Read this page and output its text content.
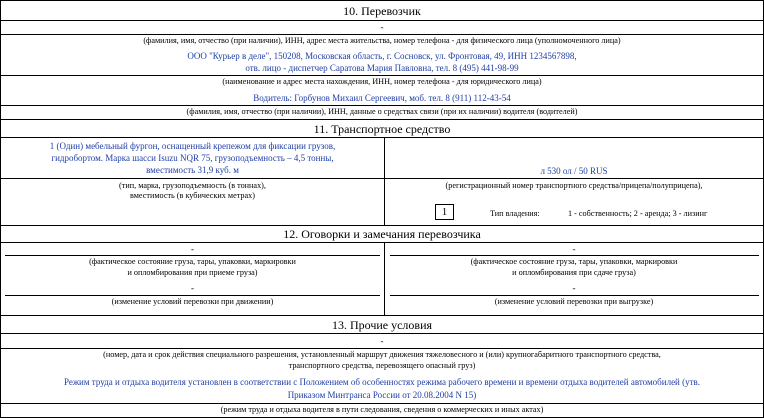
10. Перевозчик
-
(фамилия, имя, отчество (при наличии), ИНН, адрес места жительства, номер телефона - для физического лица (уполномоченного лица)
ООО "Курьер в деле", 150208, Московская область, г. Сосновск, ул. Фронтовая, 49, ИНН 1234567898,
отв. лицо - диспетчер Саратова Мария Павловна, тел. 8 (495) 441-98-99
(наименование и адрес места нахождения, ИНН, номер телефона - для юридического лица)
Водитель: Горбунов Михаил Сергеевич, моб. тел. 8 (911) 112-43-54
(фамилия, имя, отчество (при наличии), ИНН, данные о средствах связи (при их наличии) водителя (водителей)
11. Транспортное средство
1 (Один) мебельный фургон, оснащенный крепежом для фиксации грузов,
гидробортом. Марка шасси Isuzu NQR 75, грузоподъемность – 4,5 тонны,
вместимость 31,9 куб. м
(тип, марка, грузоподъемность (в тоннах),
вместимость (в кубических метрах)
л 530 ол / 50 RUS
(регистрационный номер транспортного средства/прицепа/полуприцепа),
1	Тип владения:	1 - собственность; 2 - аренда; 3 - лизинг
12. Оговорки и замечания перевозчика
-
(фактическое состояние груза, тары, упаковки, маркировки
и опломбирования при приеме груза)
-
(изменение условий перевозки при движении)
-
(фактическое состояние груза, тары, упаковки, маркировки
и опломбирования при сдаче груза)
-
(изменение условий перевозки при выгрузке)
13. Прочие условия
-
(номер, дата и срок действия специального разрешения, установленный маршрут движения тяжеловесного и (или) крупногабаритного транспортного средства,
транспортного средства, перевозящего опасный груз)
Режим труда и отдыха водителя установлен в соответствии с Положением об особенностях режима рабочего времени и времени отдыха водителей автомобилей (утв.
Приказом Минтранса России от 20.08.2004 N 15)
(режим труда и отдыха водителя в пути следования, сведения о коммерческих и иных актах)
